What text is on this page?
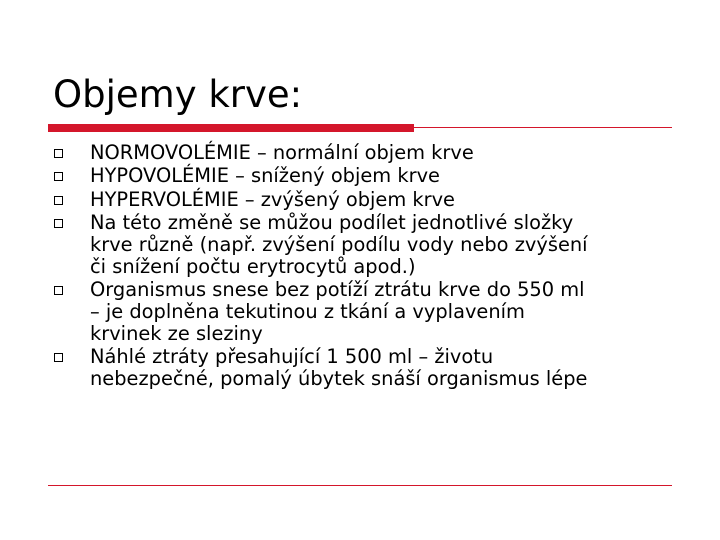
Objemy krve:
NORMOVOLÉMIE – normální objem krve
HYPOVOLÉMIE – snížený objem krve
HYPERVOLÉMIE – zvýšený objem krve
Na této změně se můžou podílet jednotlivé složky
krve různě (např. zvýšení podílu vody nebo zvýšení
či snížení počtu erytrocytů apod.)
Organismus snese bez potíží ztrátu krve do 550 ml
– je doplněna tekutinou z tkání a vyplavením
krvinek ze sleziny
Náhlé ztráty přesahující 1 500 ml – životu
nebezpečné, pomalý úbytek snáší organismus lépe
